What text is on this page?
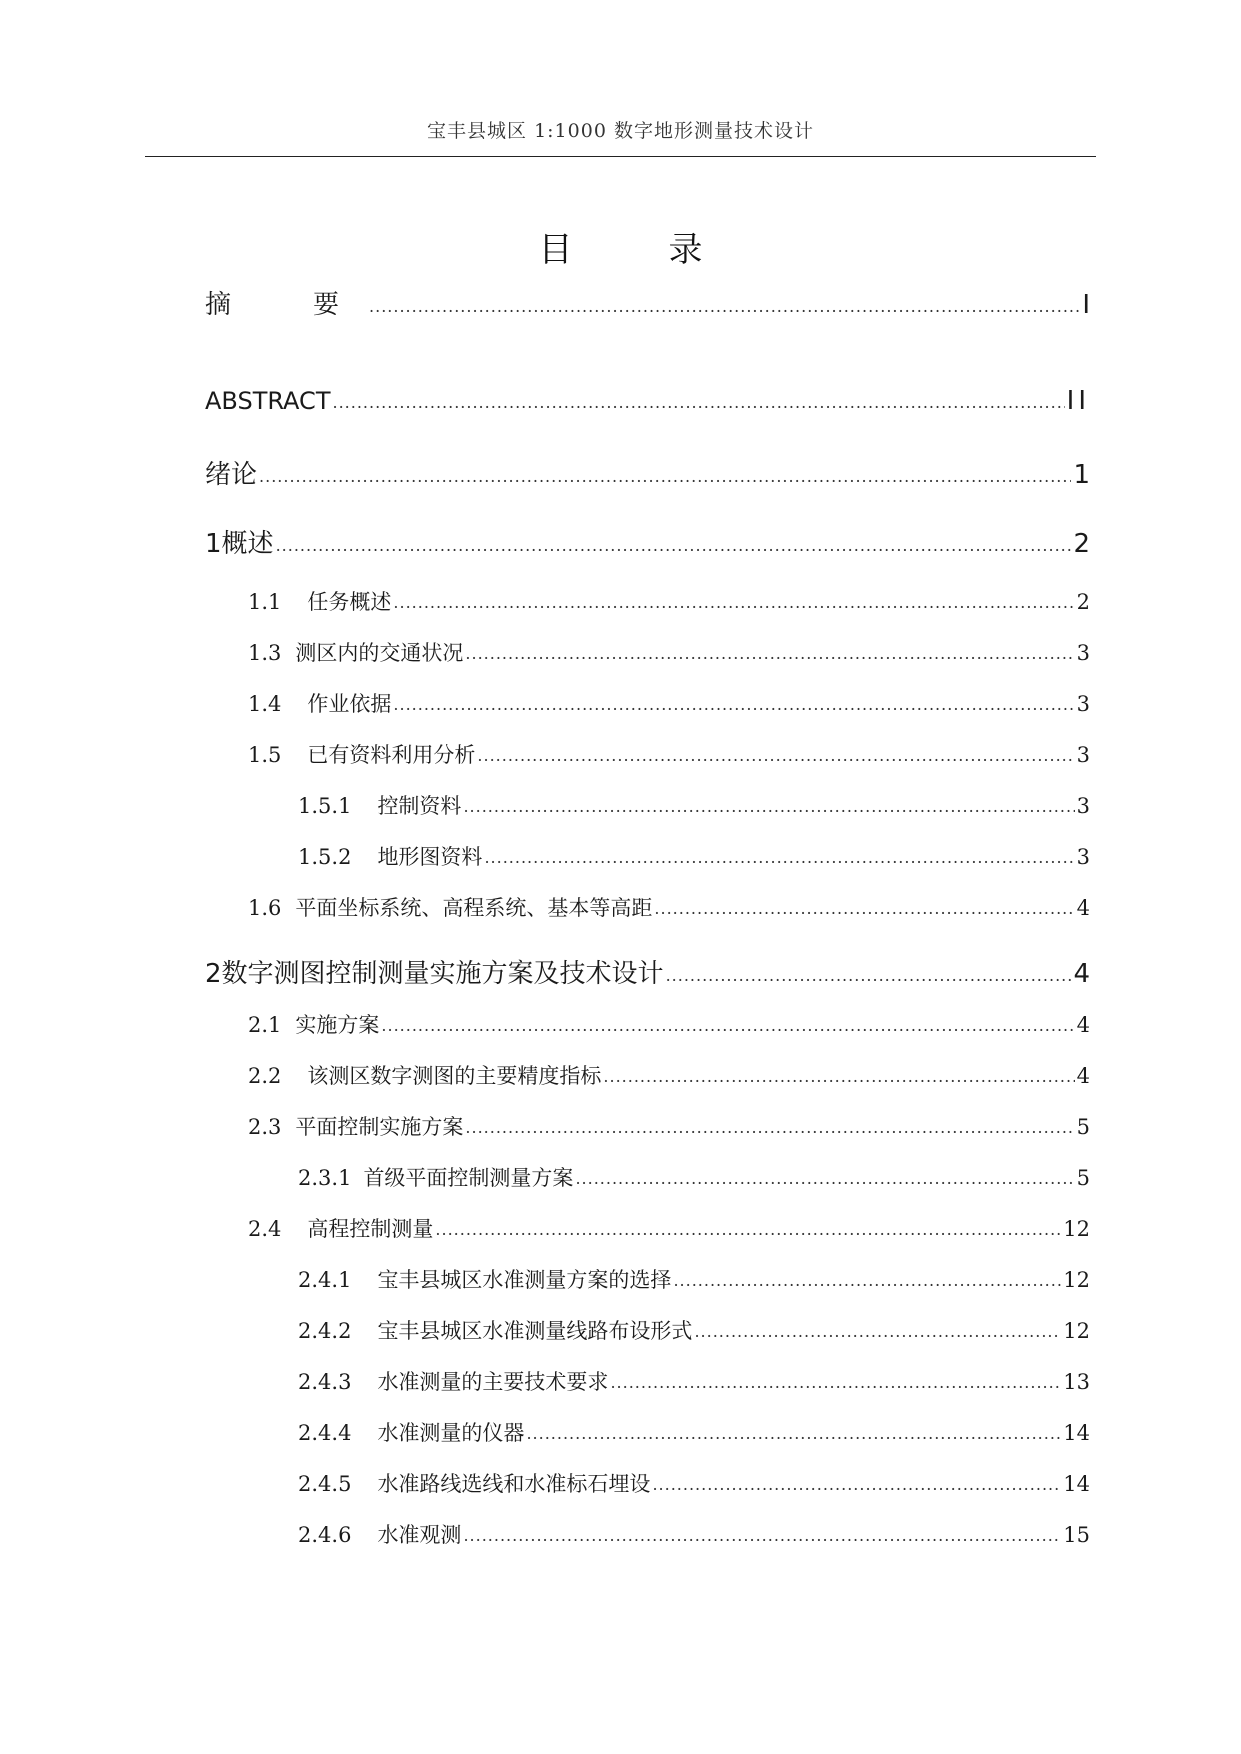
宝丰县城区 1:1000 数字地形测量技术设计
目	录
摘　要 .....	I
ABSTRACT .....	II
绪论 .....	1
1 概述 .....	2
1.1 任务概述 .....	2
1.3 测区内的交通状况 .....	3
1.4 作业依据 .....	3
1.5 已有资料利用分析 .....	3
1.5.1 控制资料 .....	3
1.5.2 地形图资料 .....	3
1.6 平面坐标系统、高程系统、基本等高距 .....	4
2 数字测图控制测量实施方案及技术设计 .....	4
2.1 实施方案 .....	4
2.2 该测区数字测图的主要精度指标 .....	4
2.3 平面控制实施方案 .....	5
2.3.1 首级平面控制测量方案 .....	5
2.4 高程控制测量 .....	12
2.4.1 宝丰县城区水准测量方案的选择 .....	12
2.4.2 宝丰县城区水准测量线路布设形式 .....	12
2.4.3 水准测量的主要技术要求 .....	13
2.4.4 水准测量的仪器 .....	14
2.4.5 水准路线选线和水准标石埋设 .....	14
2.4.6 水准观测 .....	15
